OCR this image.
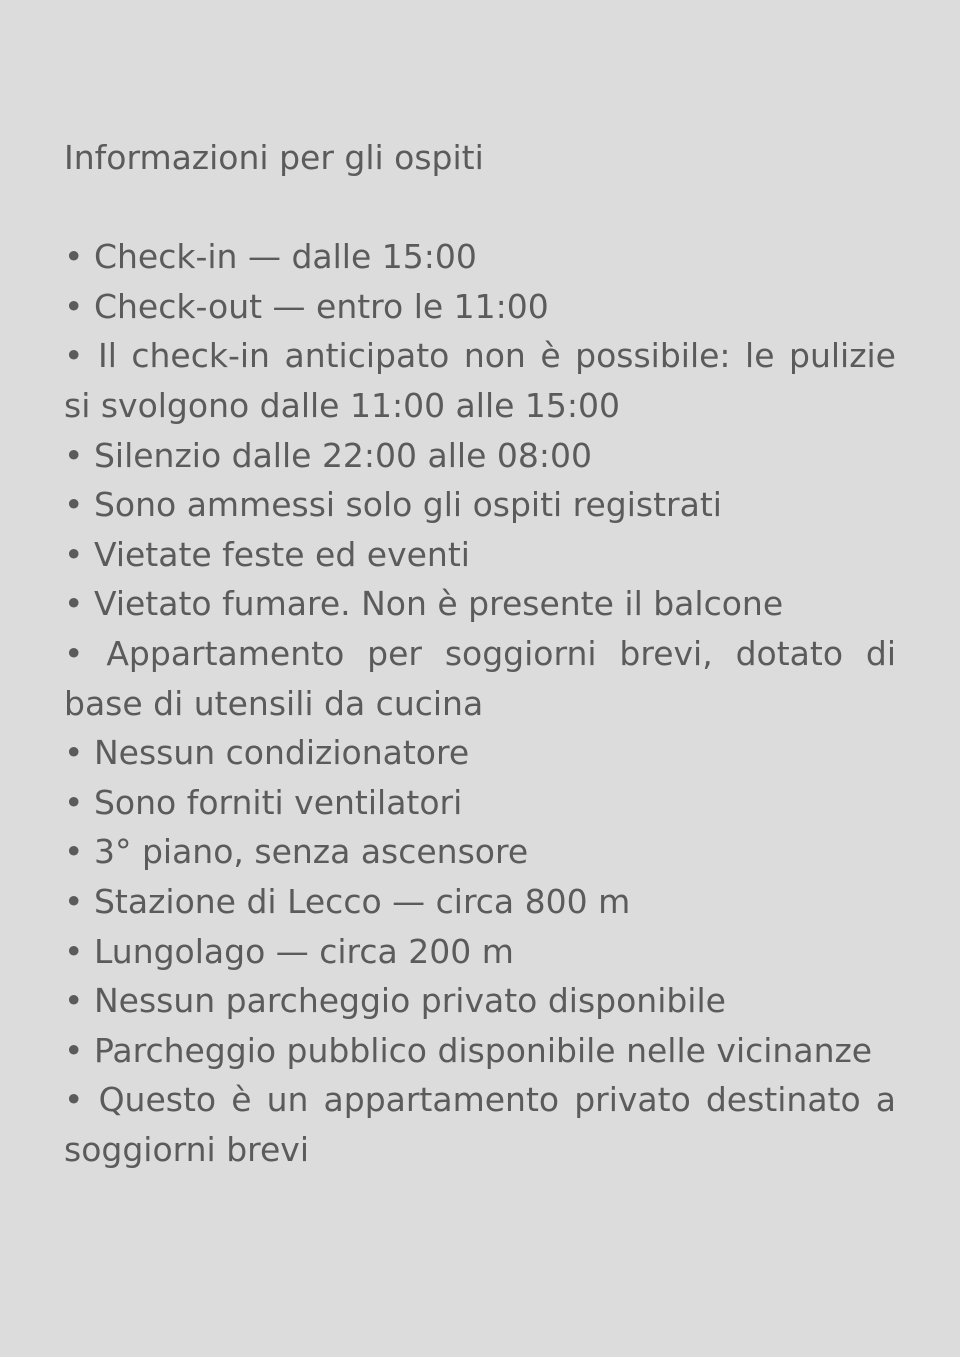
Informazioni per gli ospiti
• Check-in — dalle 15:00
• Check-out — entro le 11:00
• Il check-in anticipato non è possibile: le pulizie si svolgono dalle 11:00 alle 15:00
• Silenzio dalle 22:00 alle 08:00
• Sono ammessi solo gli ospiti registrati
• Vietate feste ed eventi
• Vietato fumare. Non è presente il balcone
• Appartamento per soggiorni brevi, dotato di base di utensili da cucina
• Nessun condizionatore
• Sono forniti ventilatori
• 3° piano, senza ascensore
• Stazione di Lecco — circa 800 m
• Lungolago — circa 200 m
• Nessun parcheggio privato disponibile
• Parcheggio pubblico disponibile nelle vicinanze
• Questo è un appartamento privato destinato a soggiorni brevi
